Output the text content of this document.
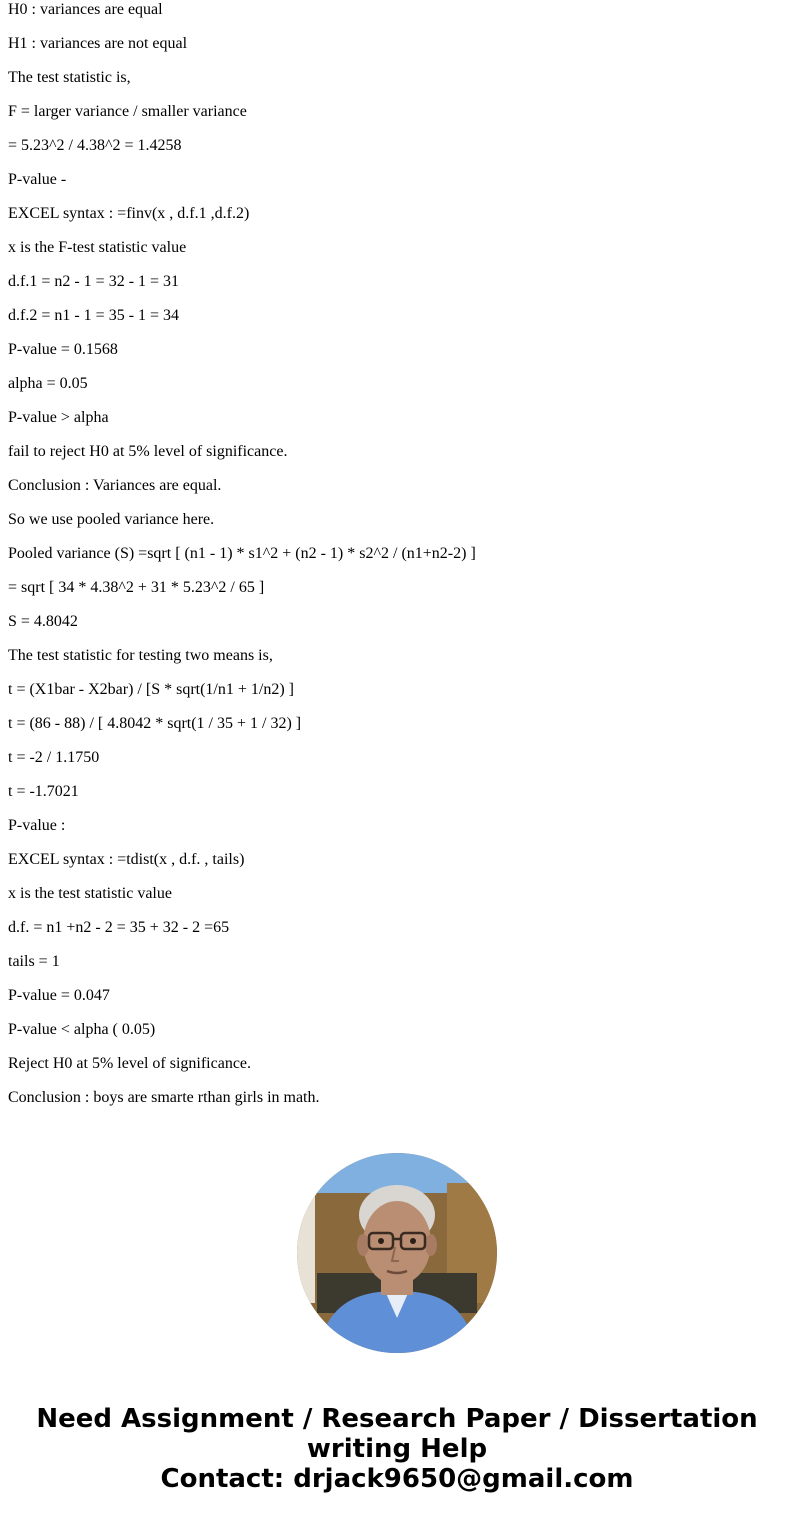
H0 : variances are equal

H1 : variances are not equal

The test statistic is,

F = larger variance / smaller variance

= 5.23^2 / 4.38^2 = 1.4258

P-value -

EXCEL syntax : =finv(x , d.f.1 ,d.f.2)

x is the F-test statistic value

d.f.1 = n2 - 1 = 32 - 1 = 31

d.f.2 = n1 - 1 = 35 - 1 = 34

P-value = 0.1568

alpha = 0.05

P-value > alpha

fail to reject H0 at 5% level of significance.

Conclusion : Variances are equal.

So we use pooled variance here.

Pooled variance (S) =sqrt [ (n1 - 1) * s1^2 + (n2 - 1) * s2^2 / (n1+n2-2) ]

= sqrt [ 34 * 4.38^2 + 31 * 5.23^2 / 65 ]

S = 4.8042

The test statistic for testing two means is,

t = (X1bar - X2bar) / [S * sqrt(1/n1 + 1/n2) ]

t = (86 - 88) / [ 4.8042 * sqrt(1 / 35 + 1 / 32) ]

t = -2 / 1.1750

t = -1.7021

P-value :

EXCEL syntax : =tdist(x , d.f. , tails)

x is the test statistic value

d.f. = n1 +n2 - 2 = 35 + 32 - 2 =65

tails = 1

P-value = 0.047

P-value < alpha ( 0.05)

Reject H0 at 5% level of significance.

Conclusion : boys are smarte rthan girls in math.

Need Assignment / Research Paper / Dissertation
writing Help
Contact: drjack9650@gmail.com
